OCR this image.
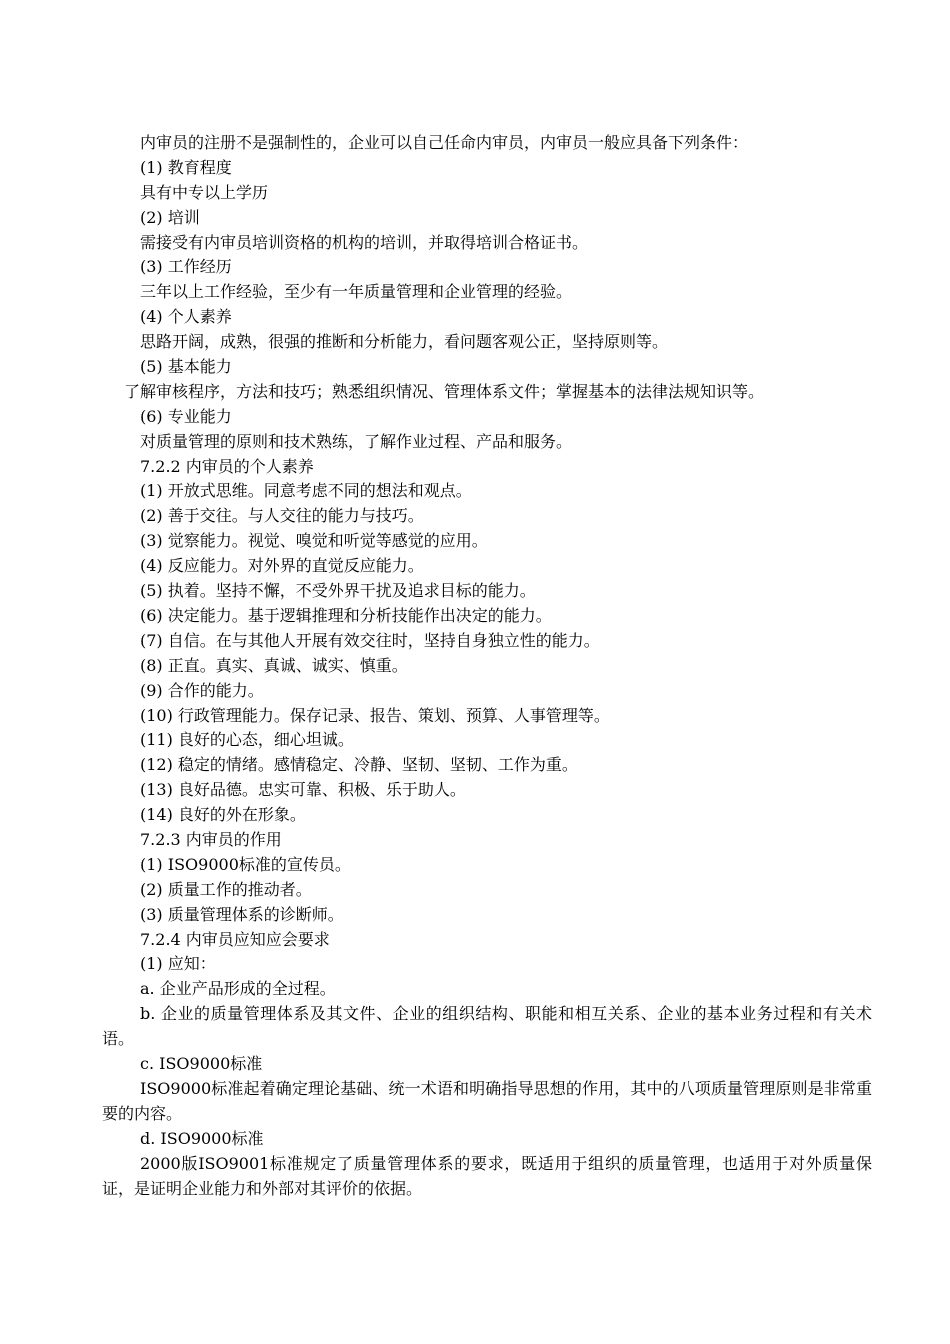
内审员的注册不是强制性的，企业可以自己任命内审员，内审员一般应具备下列条件：
(1) 教育程度
具有中专以上学历
(2) 培训
需接受有内审员培训资格的机构的培训，并取得培训合格证书。
(3) 工作经历
三年以上工作经验，至少有一年质量管理和企业管理的经验。
(4) 个人素养
思路开阔，成熟，很强的推断和分析能力，看问题客观公正，坚持原则等。
(5) 基本能力
了解审核程序，方法和技巧；熟悉组织情况、管理体系文件；掌握基本的法律法规知识等。
(6) 专业能力
对质量管理的原则和技术熟练，了解作业过程、产品和服务。
7.2.2 内审员的个人素养
(1) 开放式思维。同意考虑不同的想法和观点。
(2) 善于交往。与人交往的能力与技巧。
(3) 觉察能力。视觉、嗅觉和听觉等感觉的应用。
(4) 反应能力。对外界的直觉反应能力。
(5) 执着。坚持不懈，不受外界干扰及追求目标的能力。
(6) 决定能力。基于逻辑推理和分析技能作出决定的能力。
(7) 自信。在与其他人开展有效交往时，坚持自身独立性的能力。
(8) 正直。真实、真诚、诚实、慎重。
(9) 合作的能力。
(10) 行政管理能力。保存记录、报告、策划、预算、人事管理等。
(11) 良好的心态，细心坦诚。
(12) 稳定的情绪。感情稳定、冷静、坚韧、坚韧、工作为重。
(13) 良好品德。忠实可靠、积极、乐于助人。
(14) 良好的外在形象。
7.2.3 内审员的作用
(1) ISO9000标准的宣传员。
(2) 质量工作的推动者。
(3) 质量管理体系的诊断师。
7.2.4 内审员应知应会要求
(1) 应知：
a. 企业产品形成的全过程。
b. 企业的质量管理体系及其文件、企业的组织结构、职能和相互关系、企业的基本业务过程和有关术语。
c. ISO9000标准
ISO9000标准起着确定理论基础、统一术语和明确指导思想的作用，其中的八项质量管理原则是非常重要的内容。
d. ISO9000标准
2000版ISO9001标准规定了质量管理体系的要求，既适用于组织的质量管理，也适用于对外质量保证，是证明企业能力和外部对其评价的依据。
